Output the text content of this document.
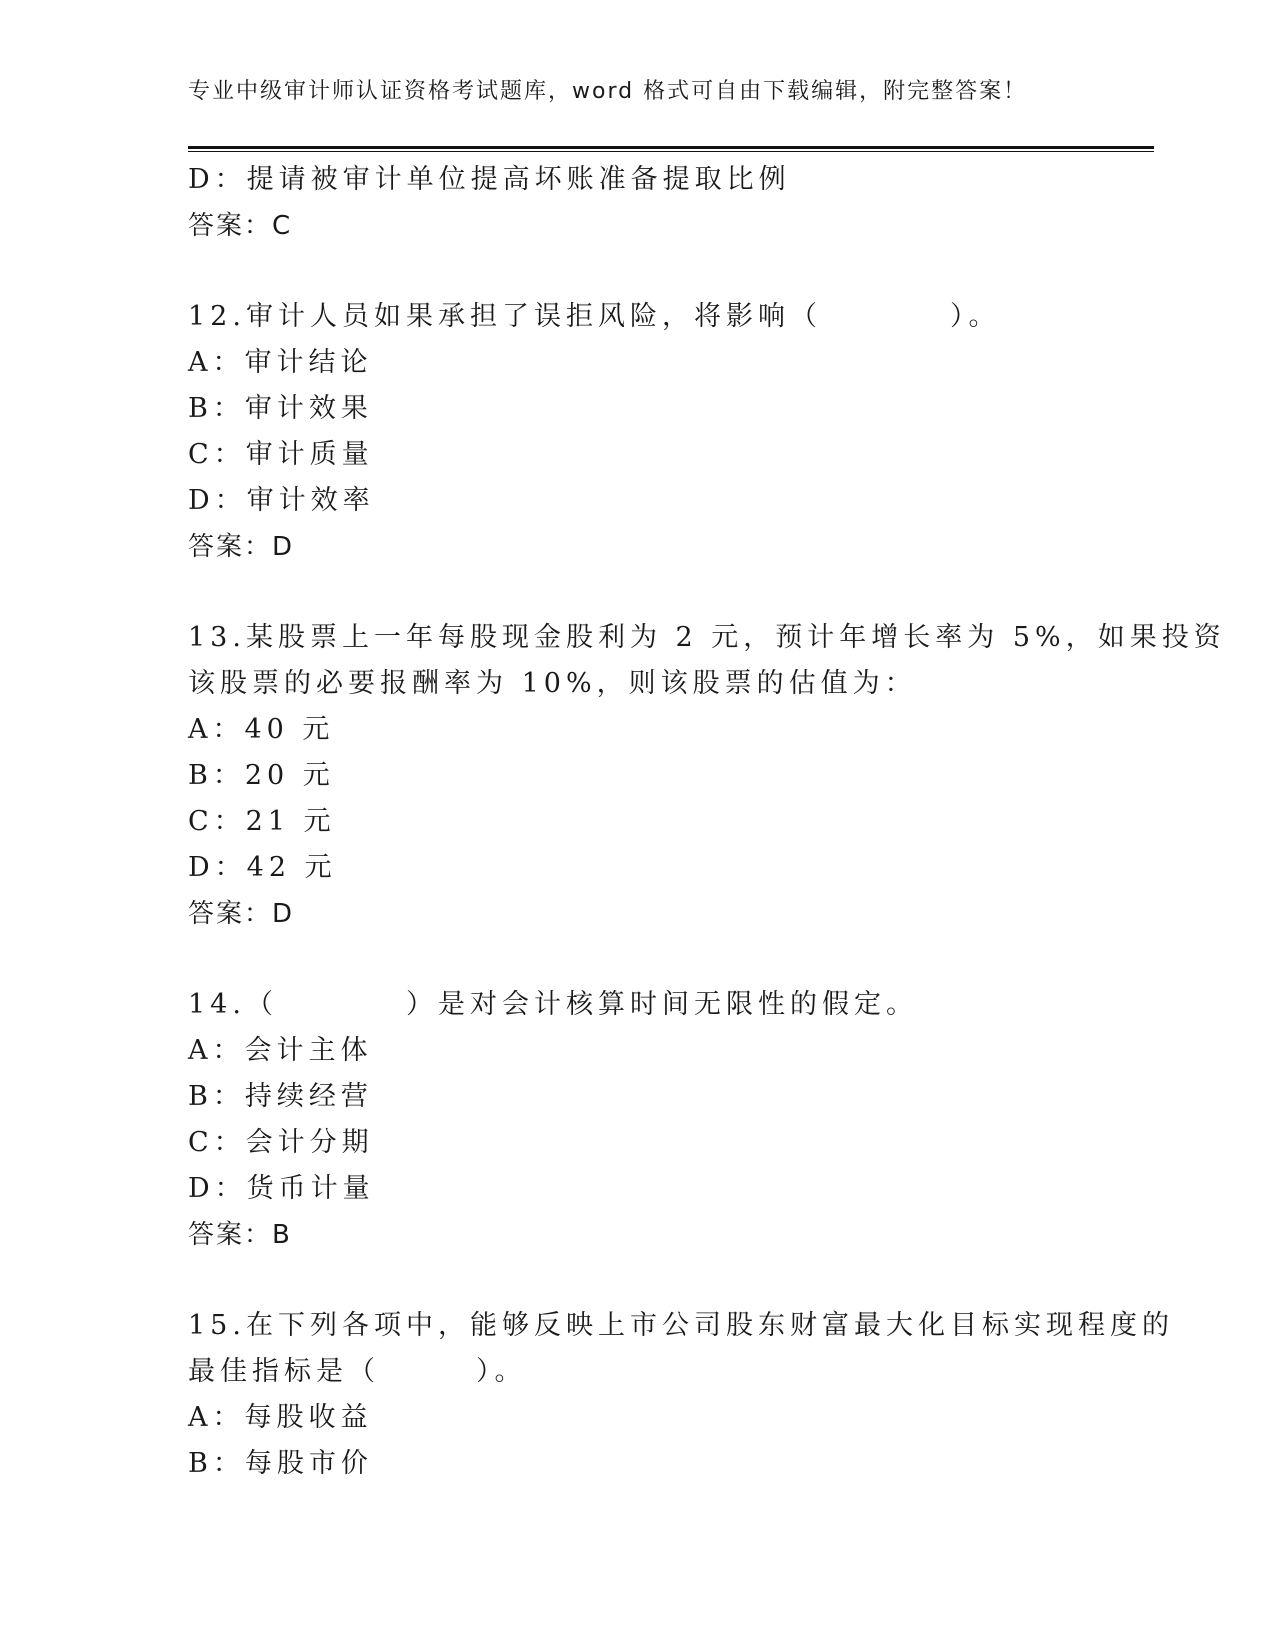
专业中级审计师认证资格考试题库，word 格式可自由下载编辑，附完整答案！
D：提请被审计单位提高坏账准备提取比例
答案：C
12.审计人员如果承担了误拒风险，将影响（　　　　）。
A：审计结论
B：审计效果
C：审计质量
D：审计效率
答案：D
13.某股票上一年每股现金股利为 2 元，预计年增长率为 5%，如果投资
该股票的必要报酬率为 10%，则该股票的估值为：
A：40 元
B：20 元
C：21 元
D：42 元
答案：D
14.（　　　　）是对会计核算时间无限性的假定。
A：会计主体
B：持续经营
C：会计分期
D：货币计量
答案：B
15.在下列各项中，能够反映上市公司股东财富最大化目标实现程度的
最佳指标是（　　　）。
A：每股收益
B：每股市价
